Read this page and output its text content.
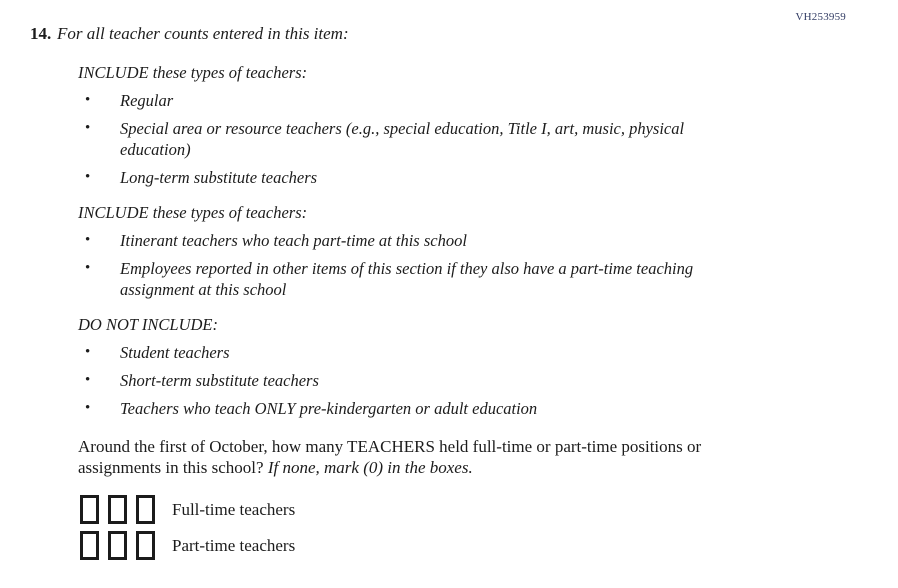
VH253959
14. For all teacher counts entered in this item:
INCLUDE these types of teachers:
•	Regular
•	Special area or resource teachers (e.g., special education, Title I, art, music, physical education)
•	Long-term substitute teachers
INCLUDE these types of teachers:
•	Itinerant teachers who teach part-time at this school
•	Employees reported in other items of this section if they also have a part-time teaching assignment at this school
DO NOT INCLUDE:
•	Student teachers
•	Short-term substitute teachers
•	Teachers who teach ONLY pre-kindergarten or adult education

Around the first of October, how many TEACHERS held full-time or part-time positions or assignments in this school? If none, mark (0) in the boxes.

Full-time teachers
Part-time teachers
